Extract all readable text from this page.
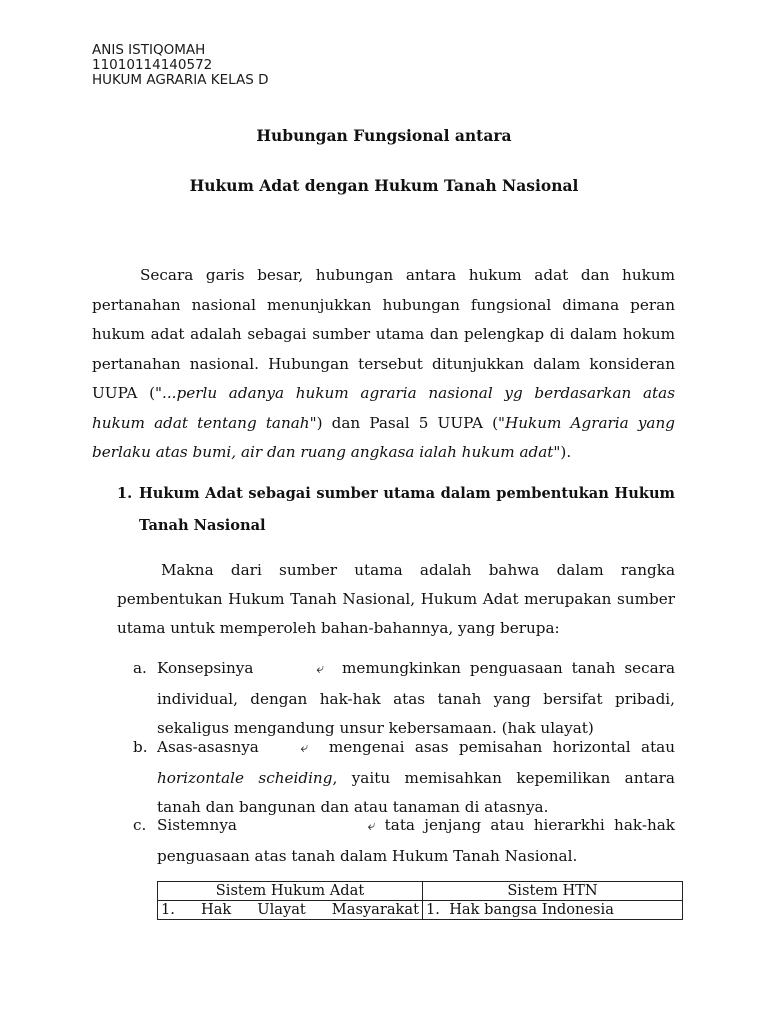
ANIS ISTIQOMAH
11010114140572
HUKUM AGRARIA KELAS D
Hubungan Fungsional antara
Hukum Adat dengan Hukum Tanah Nasional
Secara garis besar, hubungan antara hukum adat dan hukum pertanahan nasional menunjukkan hubungan fungsional dimana peran hukum adat adalah sebagai sumber utama dan pelengkap di dalam hokum pertanahan nasional. Hubungan tersebut ditunjukkan dalam konsideran UUPA ("...perlu adanya hukum agraria nasional yg berdasarkan atas hukum adat tentang tanah") dan Pasal 5 UUPA ("Hukum Agraria yang berlaku atas bumi, air dan ruang angkasa ialah hukum adat").
1. Hukum Adat sebagai sumber utama dalam pembentukan Hukum Tanah Nasional
Makna dari sumber utama adalah bahwa dalam rangka pembentukan Hukum Tanah Nasional, Hukum Adat merupakan sumber utama untuk memperoleh bahan-bahannya, yang berupa:
a. Konsepsinya	⤶ memungkinkan penguasaan tanah secara individual, dengan hak-hak atas tanah yang bersifat pribadi, sekaligus mengandung unsur kebersamaan. (hak ulayat)
b. Asas-asasnya	⤶ mengenai asas pemisahan horizontal atau horizontale scheiding, yaitu memisahkan kepemilikan antara tanah dan bangunan dan atau tanaman di atasnya.
c. Sistemnya	⤶ tata jenjang atau hierarkhi hak-hak penguasaan atas tanah dalam Hukum Tanah Nasional.
Sistem Hukum Adat	Sistem HTN

1. Hak Ulayat Masyarakat	1.  Hak bangsa Indonesia
